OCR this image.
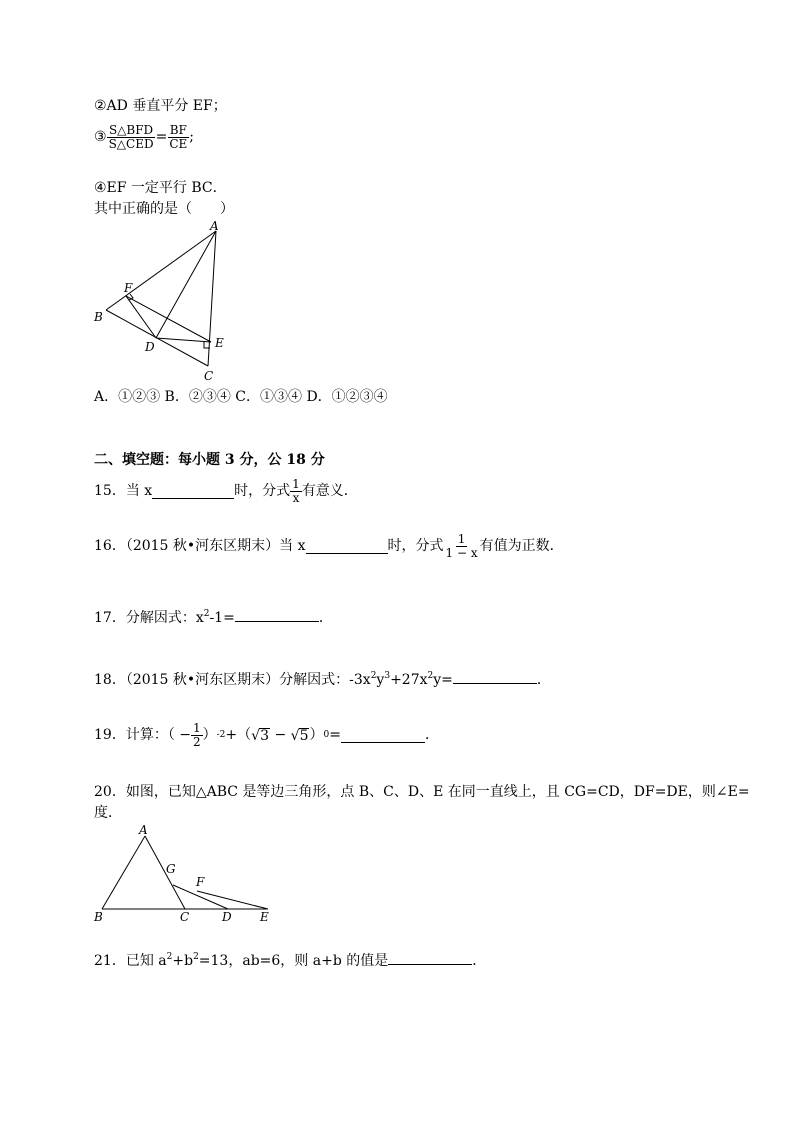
②AD 垂直平分 EF；
③ $\frac{\text{S△BFD}}{\text{S△CED}} = \frac{BF}{CE}$ ;
④EF 一定平行 BC．
其中正确的是（　　）
A
B
C
D	E
F
A．①②③ B．②③④ C．①③④ D．①②③④
二、填空题：每小题 3 分，公 18 分
15．当 x	时，分式 $\frac{1}{x}$ 有意义．
16．（2015 秋•河东区期末）当 x	时，分式 $\frac{1}{1 - x}$ 有值为正数．
17．分解因式：$x^2-1=$	．
18．（2015 秋•河东区期末）分解因式：$-3x^2y^3+27x^2y=$	．
19．计算：（ − $\frac{1}{2}$ ） -2 +（ √3 − √5 ） 0 =	．
20．如图，已知△ABC 是等边三角形，点 B、C、D、E 在同一直线上，且 CG=CD，DF=DE，则∠E=
度．
A
B	C	D E
F
G
21．已知 $a^2+b^2=13$，ab=6，则 a+b 的值是	．
